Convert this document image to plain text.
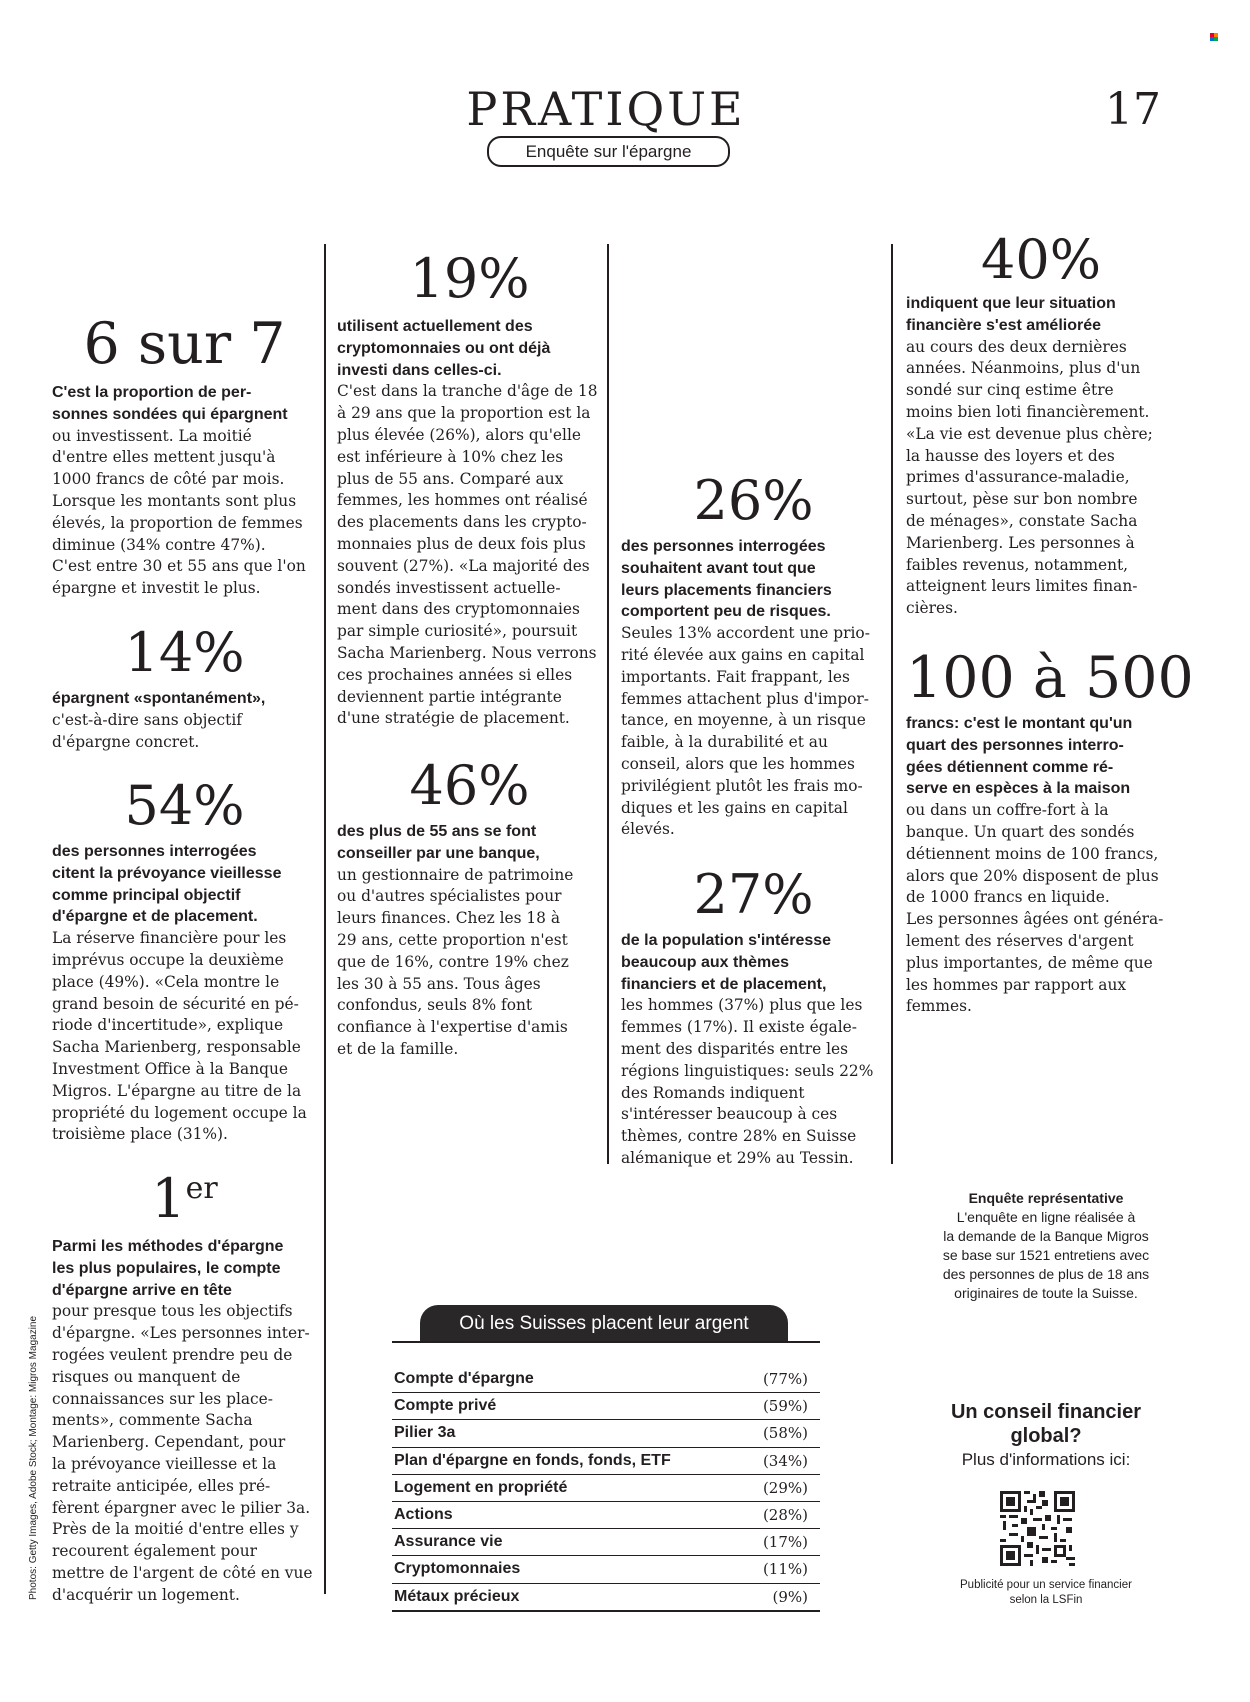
PRATIQUE	17
Enquête sur l'épargne
Photos: Getty Images, Adobe Stock; Montage: Migros Magazine
6 sur 7
C'est la proportion de per-
sonnes sondées qui épargnent
ou investissent. La moitié
d'entre elles mettent jusqu'à
1000 francs de côté par mois.
Lorsque les montants sont plus
élevés, la proportion de femmes
diminue (34% contre 47%).
C'est entre 30 et 55 ans que l'on
épargne et investit le plus.
14%
épargnent «spontanément»,
c'est-à-dire sans objectif
d'épargne concret.
54%
des personnes interrogées
citent la prévoyance vieillesse
comme principal objectif
d'épargne et de placement.
La réserve financière pour les
imprévus occupe la deuxième
place (49%). «Cela montre le
grand besoin de sécurité en pé-
riode d'incertitude», explique
Sacha Marienberg, responsable
Investment Office à la Banque
Migros. L'épargne au titre de la
propriété du logement occupe la
troisième place (31%).
1er
Parmi les méthodes d'épargne
les plus populaires, le compte
d'épargne arrive en tête
pour presque tous les objectifs
d'épargne. «Les personnes inter-
rogées veulent prendre peu de
risques ou manquent de
connaissances sur les place-
ments», commente Sacha
Marienberg. Cependant, pour
la prévoyance vieillesse et la
retraite anticipée, elles pré-
fèrent épargner avec le pilier 3a.
Près de la moitié d'entre elles y
recourent également pour
mettre de l'argent de côté en vue
d'acquérir un logement.
19%
utilisent actuellement des
cryptomonnaies ou ont déjà
investi dans celles-ci.
C'est dans la tranche d'âge de 18
à 29 ans que la proportion est la
plus élevée (26%), alors qu'elle
est inférieure à 10% chez les
plus de 55 ans. Comparé aux
femmes, les hommes ont réalisé
des placements dans les crypto-
monnaies plus de deux fois plus
souvent (27%). «La majorité des
sondés investissent actuelle-
ment dans des cryptomonnaies
par simple curiosité», poursuit
Sacha Marienberg. Nous verrons
ces prochaines années si elles
deviennent partie intégrante
d'une stratégie de placement.
46%
des plus de 55 ans se font
conseiller par une banque,
un gestionnaire de patrimoine
ou d'autres spécialistes pour
leurs finances. Chez les 18 à
29 ans, cette proportion n'est
que de 16%, contre 19% chez
les 30 à 55 ans. Tous âges
confondus, seuls 8% font
confiance à l'expertise d'amis
et de la famille.
26%
des personnes interrogées
souhaitent avant tout que
leurs placements financiers
comportent peu de risques.
Seules 13% accordent une prio-
rité élevée aux gains en capital
importants. Fait frappant, les
femmes attachent plus d'impor-
tance, en moyenne, à un risque
faible, à la durabilité et au
conseil, alors que les hommes
privilégient plutôt les frais mo-
diques et les gains en capital
élevés.
27%
de la population s'intéresse
beaucoup aux thèmes
financiers et de placement,
les hommes (37%) plus que les
femmes (17%). Il existe égale-
ment des disparités entre les
régions linguistiques: seuls 22%
des Romands indiquent
s'intéresser beaucoup à ces
thèmes, contre 28% en Suisse
alémanique et 29% au Tessin.
40%
indiquent que leur situation
financière s'est améliorée
au cours des deux dernières
années. Néanmoins, plus d'un
sondé sur cinq estime être
moins bien loti financièrement.
«La vie est devenue plus chère;
la hausse des loyers et des
primes d'assurance-maladie,
surtout, pèse sur bon nombre
de ménages», constate Sacha
Marienberg. Les personnes à
faibles revenus, notamment,
atteignent leurs limites finan-
cières.
100 à 500
francs: c'est le montant qu'un
quart des personnes interro-
gées détiennent comme ré-
serve en espèces à la maison
ou dans un coffre-fort à la
banque. Un quart des sondés
détiennent moins de 100 francs,
alors que 20% disposent de plus
de 1000 francs en liquide.
Les personnes âgées ont généra-
lement des réserves d'argent
plus importantes, de même que
les hommes par rapport aux
femmes.
Enquête représentative
L'enquête en ligne réalisée à
la demande de la Banque Migros
se base sur 1521 entretiens avec
des personnes de plus de 18 ans
originaires de toute la Suisse.
Où les Suisses placent leur argent
Compte d'épargne	(77%)
Compte privé	(59%)
Pilier 3a	(58%)
Plan d'épargne en fonds, fonds, ETF	(34%)
Logement en propriété	(29%)
Actions	(28%)
Assurance vie	(17%)
Cryptomonnaies	(11%)
Métaux précieux	(9%)
Un conseil financier
global?
Plus d'informations ici:
Publicité pour un service financier
selon la LSFin
